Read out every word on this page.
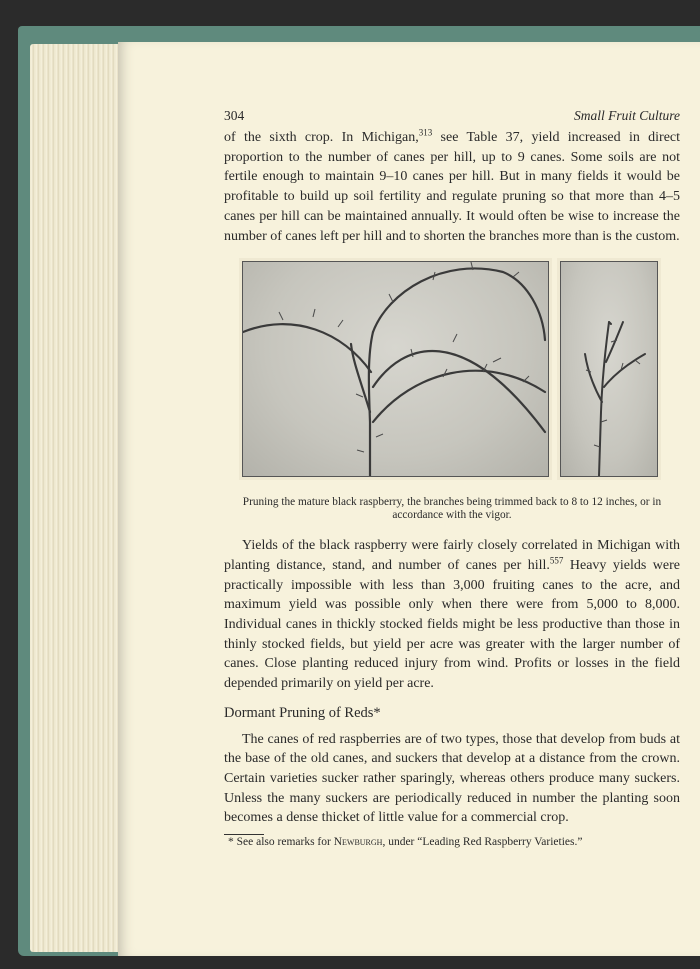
304	Small Fruit Culture

of the sixth crop. In Michigan,$^{313}$ see Table 37, yield increased in direct proportion to the number of canes per hill, up to 9 canes. Some soils are not fertile enough to maintain 9–10 canes per hill. But in many fields it would be profitable to build up soil fertility and regulate pruning so that more than 4–5 canes per hill can be maintained annually. It would often be wise to increase the number of canes left per hill and to shorten the branches more than is the custom.

Pruning the mature black raspberry, the branches being trimmed back to 8 to 12 inches, or in accordance with the vigor.

Yields of the black raspberry were fairly closely correlated in Michigan with planting distance, stand, and number of canes per hill.$^{557}$ Heavy yields were practically impossible with less than 3,000 fruiting canes to the acre, and maximum yield was possible only when there were from 5,000 to 8,000. Individual canes in thickly stocked fields might be less productive than those in thinly stocked fields, but yield per acre was greater with the larger number of canes. Close planting reduced injury from wind. Profits or losses in the field depended primarily on yield per acre.

Dormant Pruning of Reds*

The canes of red raspberries are of two types, those that develop from buds at the base of the old canes, and suckers that develop at a distance from the crown. Certain varieties sucker rather sparingly, whereas others produce many suckers. Unless the many suckers are periodically reduced in number the planting soon becomes a dense thicket of little value for a commercial crop.

* See also remarks for Newburgh, under “Leading Red Raspberry Varieties.”
